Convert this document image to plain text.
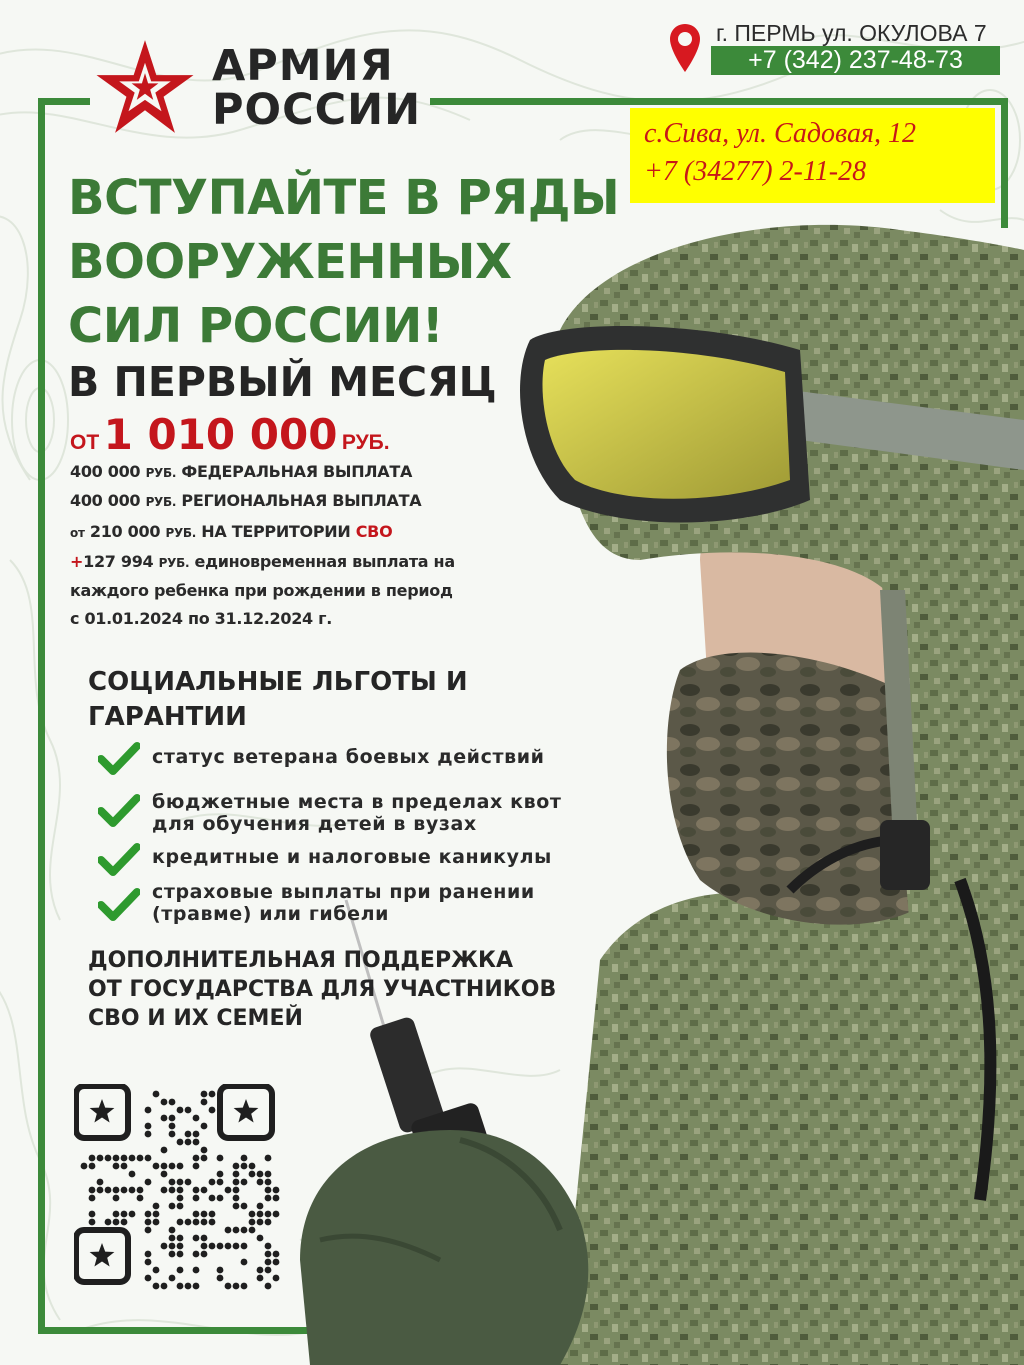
АРМИЯ
РОССИИ
г. ПЕРМЬ ул. ОКУЛОВА 7
+7 (342) 237-48-73
с.Сива, ул. Садовая, 12
+7 (34277) 2-11-28
ВСТУПАЙТЕ В РЯДЫ
ВООРУЖЕННЫХ
СИЛ РОССИИ!
В ПЕРВЫЙ МЕСЯЦ
ОТ 1 010 000 РУБ.
400 000 РУБ. ФЕДЕРАЛЬНАЯ ВЫПЛАТА
400 000 РУБ. РЕГИОНАЛЬНАЯ ВЫПЛАТА
от 210 000 РУБ. НА ТЕРРИТОРИИ СВО
+127 994 РУБ. единовременная выплата на
каждого ребенка при рождении в период
с 01.01.2024 по 31.12.2024 г.
СОЦИАЛЬНЫЕ ЛЬГОТЫ И
ГАРАНТИИ
статус ветерана боевых действий
бюджетные места в пределах квот
для обучения детей в вузах
кредитные и налоговые каникулы
страховые выплаты при ранении
(травме) или гибели
ДОПОЛНИТЕЛЬНАЯ ПОДДЕРЖКА
ОТ ГОСУДАРСТВА ДЛЯ УЧАСТНИКОВ
СВО И ИХ СЕМЕЙ
